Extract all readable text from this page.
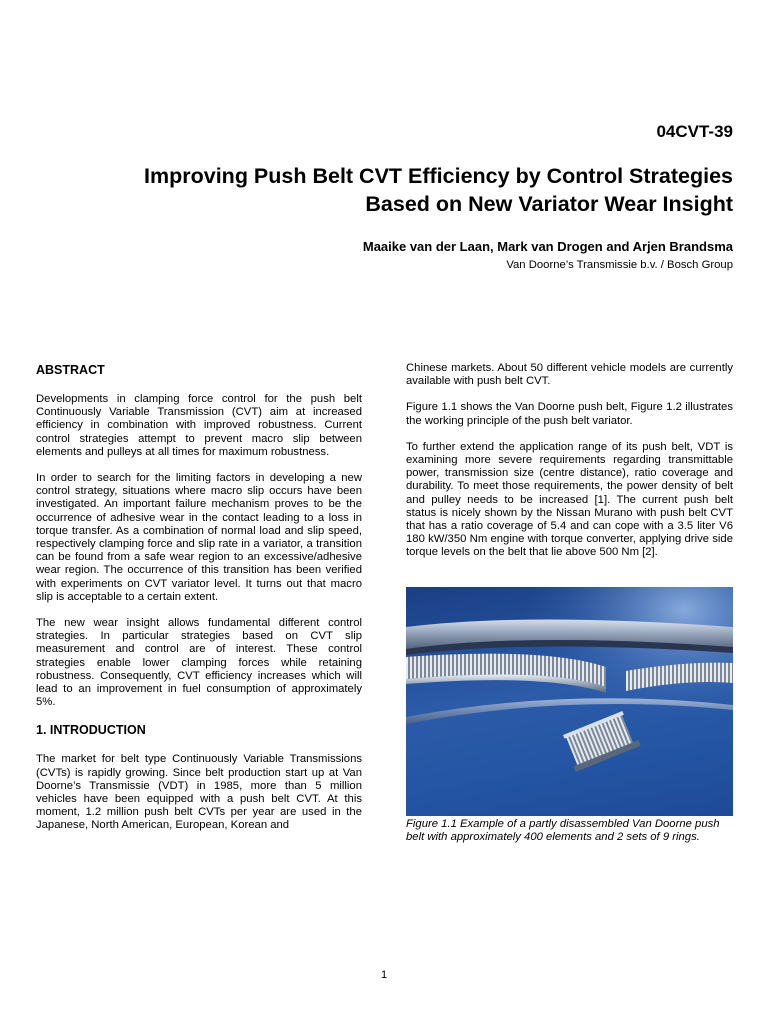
04CVT-39
Improving Push Belt CVT Efficiency by Control Strategies Based on New Variator Wear Insight
Maaike van der Laan, Mark van Drogen and Arjen Brandsma
Van Doorne’s Transmissie b.v. / Bosch Group
ABSTRACT

Developments in clamping force control for the push belt Continuously Variable Transmission (CVT) aim at increased efficiency in combination with improved robustness. Current control strategies attempt to prevent macro slip between elements and pulleys at all times for maximum robustness.

In order to search for the limiting factors in developing a new control strategy, situations where macro slip occurs have been investigated. An important failure mechanism proves to be the occurrence of adhesive wear in the contact leading to a loss in torque transfer. As a combination of normal load and slip speed, respectively clamping force and slip rate in a variator, a transition can be found from a safe wear region to an excessive/adhesive wear region. The occurrence of this transition has been verified with experiments on CVT variator level. It turns out that macro slip is acceptable to a certain extent.

The new wear insight allows fundamental different control strategies. In particular strategies based on CVT slip measurement and control are of interest. These control strategies enable lower clamping forces while retaining robustness. Consequently, CVT efficiency increases which will lead to an improvement in fuel consumption of approximately 5%.

1. INTRODUCTION

The market for belt type Continuously Variable Transmissions (CVTs) is rapidly growing. Since belt production start up at Van Doorne’s Transmissie (VDT) in 1985, more than 5 million vehicles have been equipped with a push belt CVT. At this moment, 1.2 million push belt CVTs per year are used in the Japanese, North American, European, Korean and

Chinese markets. About 50 different vehicle models are currently available with push belt CVT.

Figure 1.1 shows the Van Doorne push belt, Figure 1.2 illustrates the working principle of the push belt variator.

To further extend the application range of its push belt, VDT is examining more severe requirements regarding transmittable power, transmission size (centre distance), ratio coverage and durability. To meet those requirements, the power density of belt and pulley needs to be increased [1]. The current push belt status is nicely shown by the Nissan Murano with push belt CVT that has a ratio coverage of 5.4 and can cope with a 3.5 liter V6 180 kW/350 Nm engine with torque converter, applying drive side torque levels on the belt that lie above 500 Nm [2].

Figure 1.1 Example of a partly disassembled Van Doorne push belt with approximately 400 elements and 2 sets of 9 rings.
1
